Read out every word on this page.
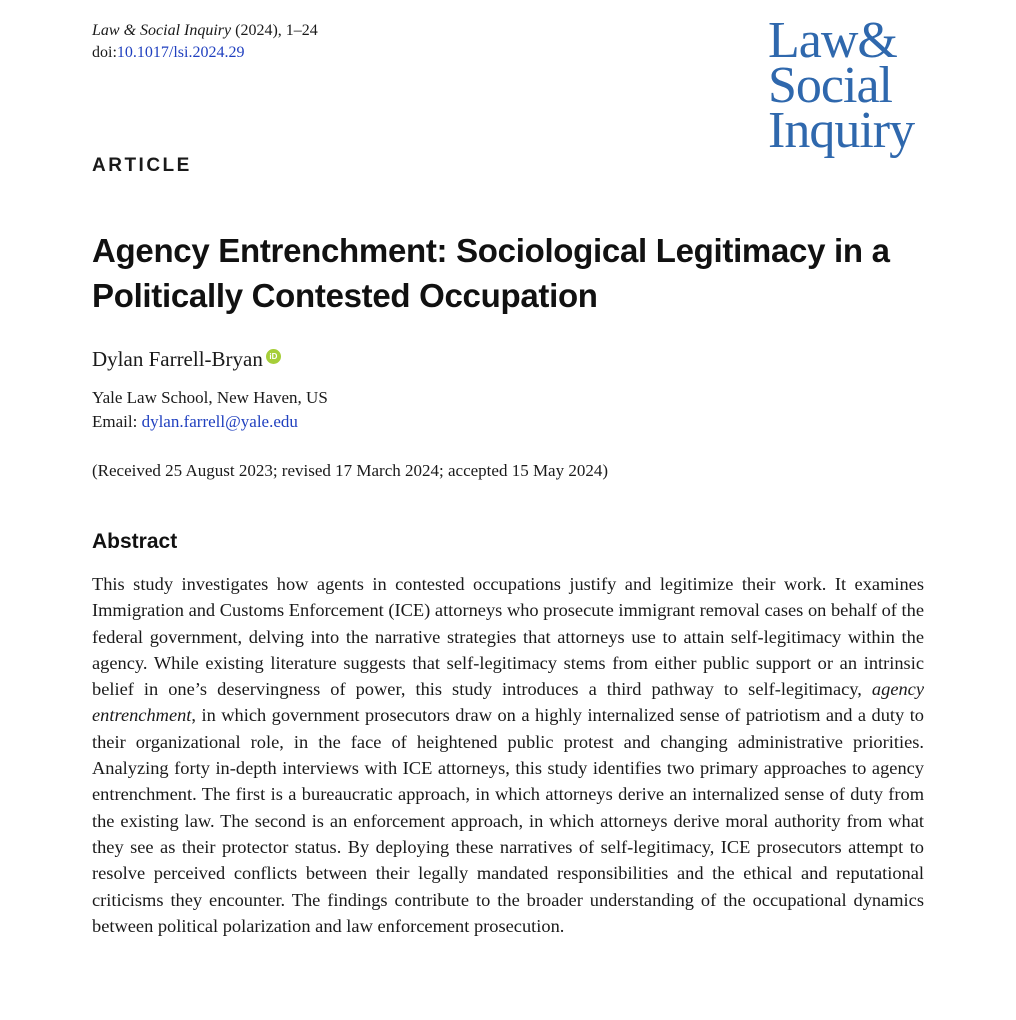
Law & Social Inquiry (2024), 1–24
doi:10.1017/lsi.2024.29	Law&
Social
Inquiry
ARTICLE
Agency Entrenchment: Sociological Legitimacy in a Politically Contested Occupation
Dylan Farrell-Bryan iD
Yale Law School, New Haven, US
Email: dylan.farrell@yale.edu
(Received 25 August 2023; revised 17 March 2024; accepted 15 May 2024)
Abstract

This study investigates how agents in contested occupations justify and legitimize their work. It examines Immigration and Customs Enforcement (ICE) attorneys who prosecute immigrant removal cases on behalf of the federal government, delving into the narrative strategies that attorneys use to attain self-legitimacy within the agency. While existing literature suggests that self-legitimacy stems from either public support or an intrinsic belief in one’s deservingness of power, this study introduces a third pathway to self-legitimacy, agency entrenchment, in which government prosecutors draw on a highly internalized sense of patriotism and a duty to their organizational role, in the face of heightened public protest and changing administrative priorities. Analyzing forty in-depth interviews with ICE attorneys, this study identifies two primary approaches to agency entrenchment. The first is a bureaucratic approach, in which attorneys derive an internalized sense of duty from the existing law. The second is an enforcement approach, in which attorneys derive moral authority from what they see as their protector status. By deploying these narratives of self-legitimacy, ICE prosecutors attempt to resolve perceived conflicts between their legally mandated responsibilities and the ethical and reputational criticisms they encounter. The findings contribute to the broader understanding of the occupational dynamics between political polarization and law enforcement prosecution.
